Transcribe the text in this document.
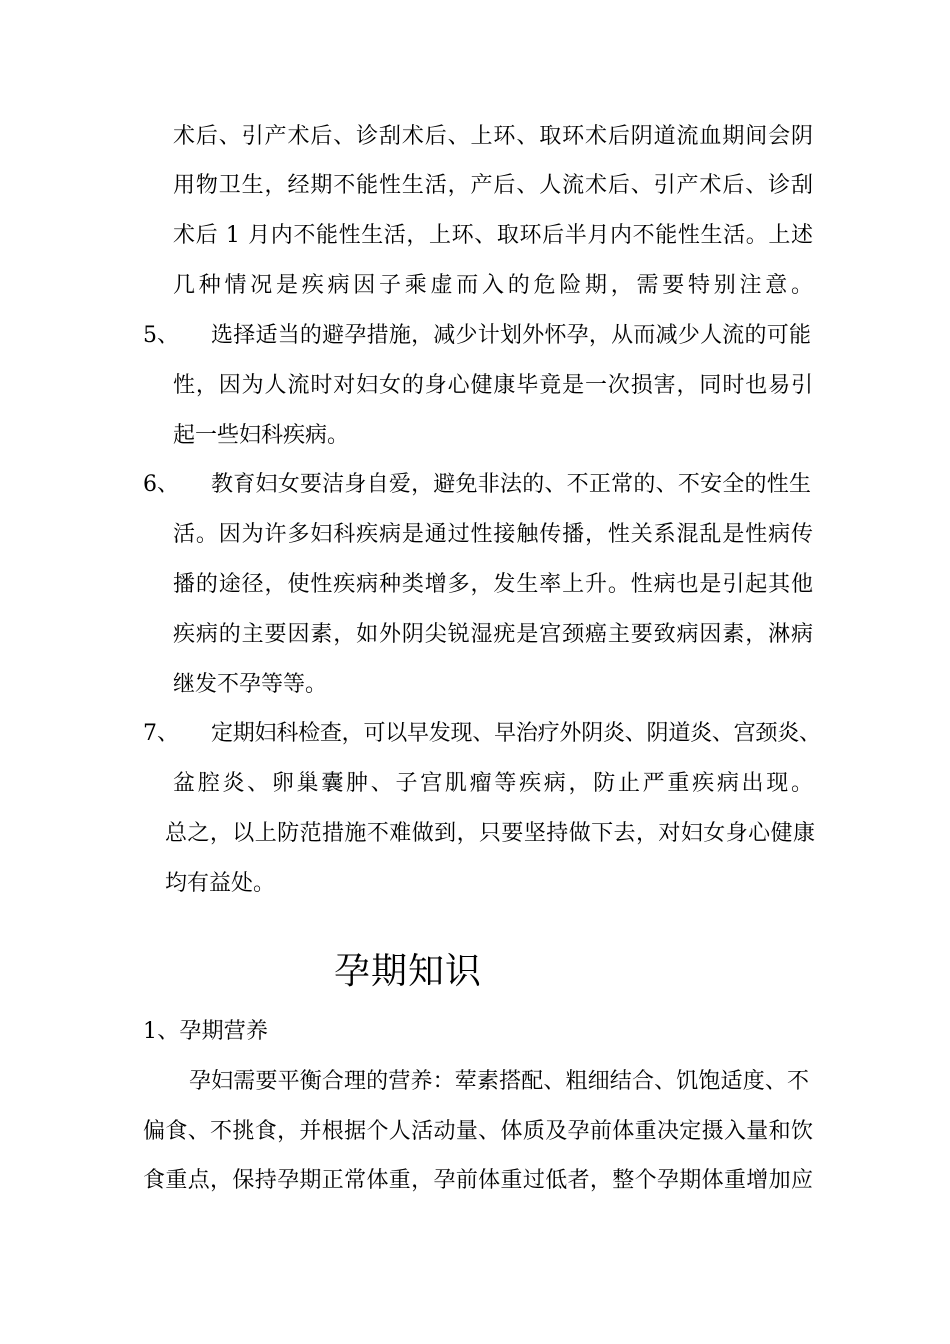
术后、引产术后、诊刮术后、上环、取环术后阴道流血期间会阴
用物卫生，经期不能性生活，产后、人流术后、引产术后、诊刮
术后 1 月内不能性生活，上环、取环后半月内不能性生活。上述
几种情况是疾病因子乘虚而入的危险期，需要特别注意。
5、 选择适当的避孕措施，减少计划外怀孕，从而减少人流的可能
性，因为人流时对妇女的身心健康毕竟是一次损害，同时也易引
起一些妇科疾病。
6、 教育妇女要洁身自爱，避免非法的、不正常的、不安全的性生
活。因为许多妇科疾病是通过性接触传播，性关系混乱是性病传
播的途径，使性疾病种类增多，发生率上升。性病也是引起其他
疾病的主要因素，如外阴尖锐湿疣是宫颈癌主要致病因素，淋病
继发不孕等等。
7、 定期妇科检查，可以早发现、早治疗外阴炎、阴道炎、宫颈炎、
盆腔炎、卵巢囊肿、子宫肌瘤等疾病，防止严重疾病出现。
总之，以上防范措施不难做到，只要坚持做下去，对妇女身心健康
均有益处。
孕期知识
1、孕期营养
孕妇需要平衡合理的营养：荤素搭配、粗细结合、饥饱适度、不
偏食、不挑食，并根据个人活动量、体质及孕前体重决定摄入量和饮
食重点，保持孕期正常体重，孕前体重过低者，整个孕期体重增加应
